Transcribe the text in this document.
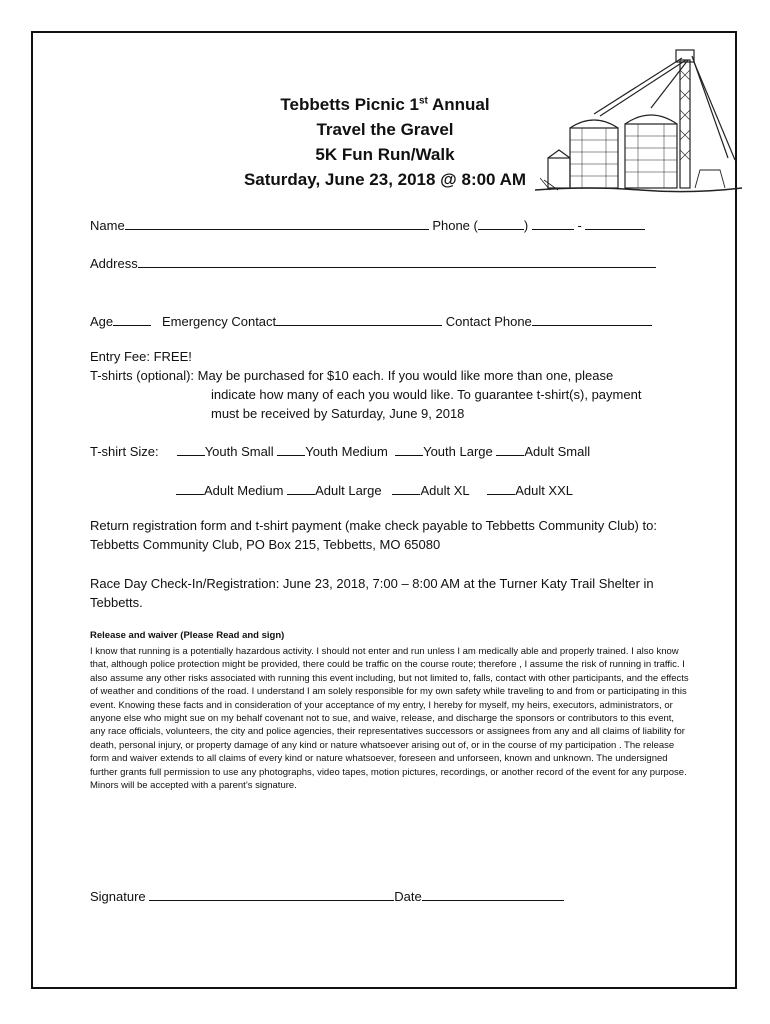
Tebbetts Picnic 1st Annual
Travel the Gravel
5K Fun Run/Walk
Saturday, June 23, 2018 @ 8:00 AM
Name	Phone (	)	-
Address
Age	Emergency Contact	Contact Phone
Entry Fee: FREE!
T-shirts (optional): May be purchased for $10 each. If you would like more than one, please
indicate how many of each you would like. To guarantee t-shirt(s), payment
must be received by Saturday, June 9, 2018
T-shirt Size:	Youth Small Youth Medium	Youth Large Adult Small
Adult Medium Adult Large	Adult XL	Adult XXL
Return registration form and t-shirt payment (make check payable to Tebbetts Community Club) to: Tebbetts Community Club, PO Box 215, Tebbetts, MO 65080
Race Day Check-In/Registration: June 23, 2018, 7:00 – 8:00 AM at the Turner Katy Trail Shelter in Tebbetts.
Release and waiver (Please Read and sign)
I know that running is a potentially hazardous activity. I should not enter and run unless I am medically able and properly trained. I also know that, although police protection might be provided, there could be traffic on the course route; therefore , I assume the risk of running in traffic. I also assume any other risks associated with running this event including, but not limited to, falls, contact with other participants, and the effects of weather and conditions of the road. I understand I am solely responsible for my own safety while traveling to and from or participating in this event. Knowing these facts and in consideration of your acceptance of my entry, I hereby for myself, my heirs, executors, administrators, or anyone else who might sue on my behalf covenant not to sue, and waive, release, and discharge the sponsors or contributors to this event, any race officials, volunteers, the city and police agencies, their representatives successors or assignees from any and all claims of liability for death, personal injury, or property damage of any kind or nature whatsoever arising out of, or in the course of my participation . The release form and waiver extends to all claims of every kind or nature whatsoever, foreseen and unforseen, known and unknown. The undersigned further grants full permission to use any photographs, video tapes, motion pictures, recordings, or another record of the event for any purpose. Minors will be accepted with a parent’s signature.
Signature	Date
